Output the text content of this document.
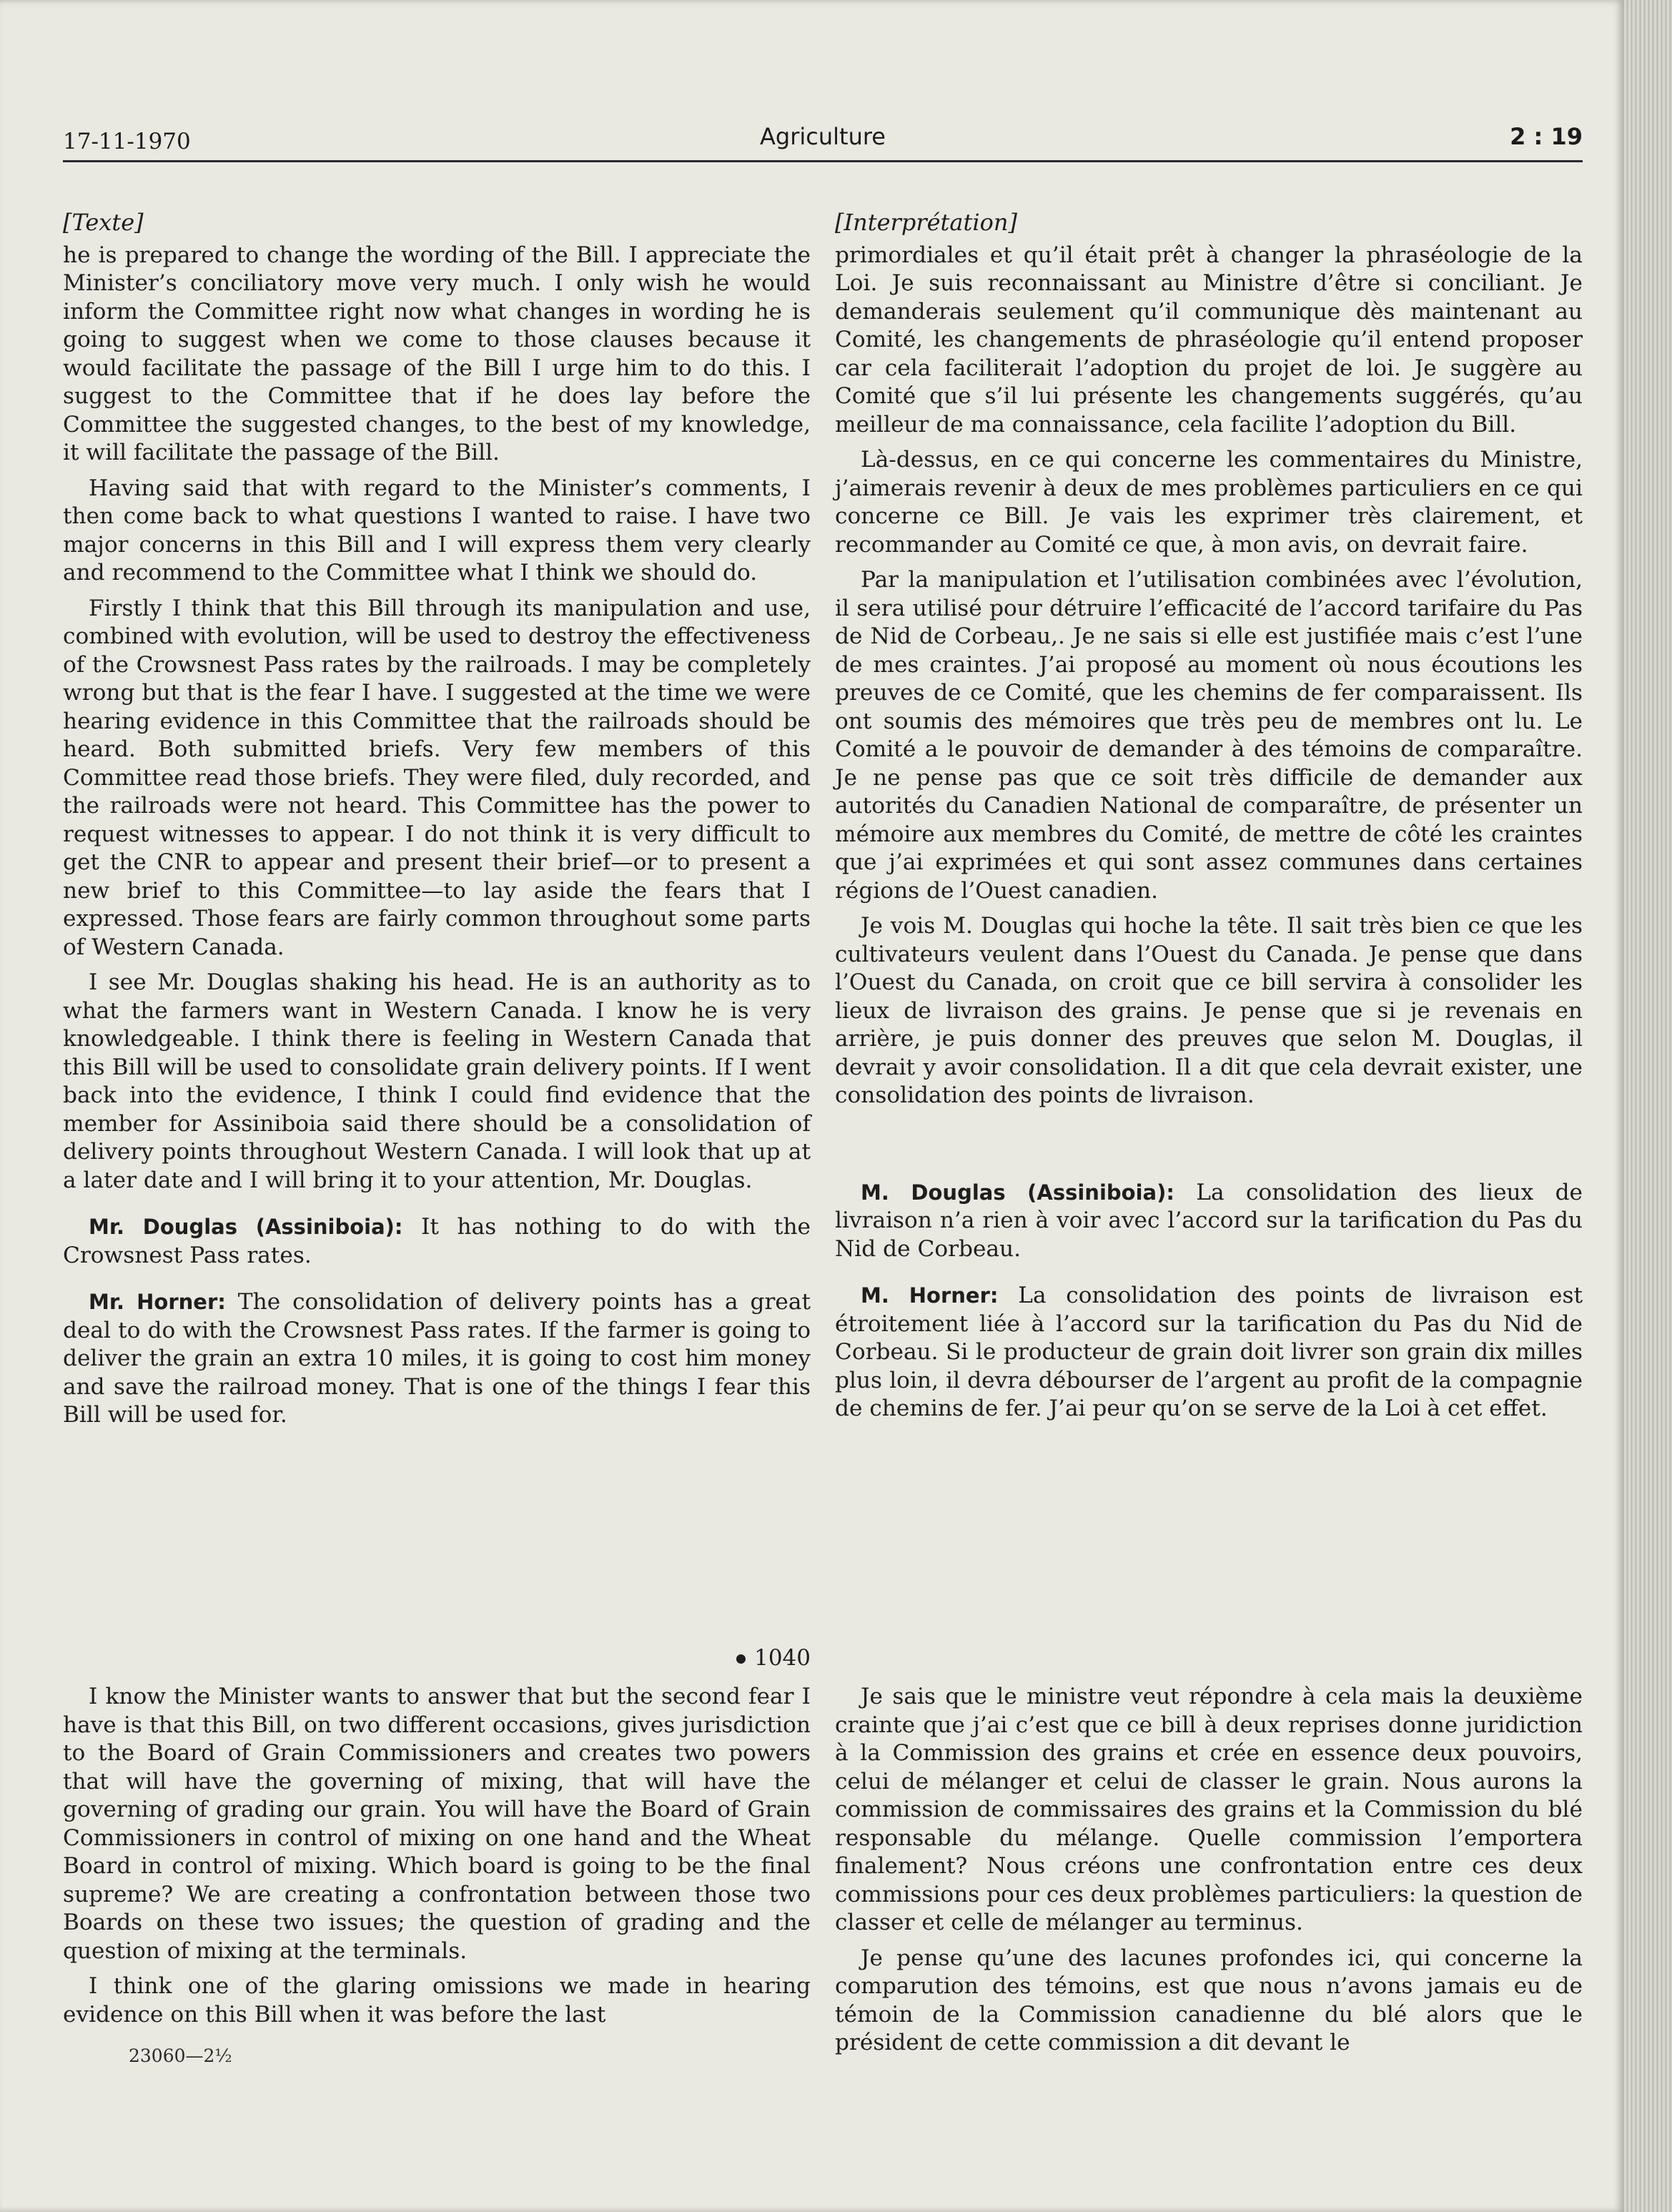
17-11-1970	Agriculture	2 : 19
[Texte]

he is prepared to change the wording of the Bill. I appreciate the Minister’s conciliatory move very much. I only wish he would inform the Committee right now what changes in wording he is going to suggest when we come to those clauses because it would facilitate the passage of the Bill I urge him to do this. I suggest to the Committee that if he does lay before the Committee the suggested changes, to the best of my knowledge, it will facilitate the passage of the Bill.

Having said that with regard to the Minister’s comments, I then come back to what questions I wanted to raise. I have two major concerns in this Bill and I will express them very clearly and recommend to the Committee what I think we should do.

Firstly I think that this Bill through its manipulation and use, combined with evolution, will be used to destroy the effectiveness of the Crowsnest Pass rates by the railroads. I may be completely wrong but that is the fear I have. I suggested at the time we were hearing evidence in this Committee that the railroads should be heard. Both submitted briefs. Very few members of this Committee read those briefs. They were filed, duly recorded, and the railroads were not heard. This Committee has the power to request witnesses to appear. I do not think it is very difficult to get the CNR to appear and present their brief—or to present a new brief to this Committee—to lay aside the fears that I expressed. Those fears are fairly common throughout some parts of Western Canada.

I see Mr. Douglas shaking his head. He is an authority as to what the farmers want in Western Canada. I know he is very knowledgeable. I think there is feeling in Western Canada that this Bill will be used to consolidate grain delivery points. If I went back into the evidence, I think I could find evidence that the member for Assiniboia said there should be a consolidation of delivery points throughout Western Canada. I will look that up at a later date and I will bring it to your attention, Mr. Douglas.

Mr. Douglas (Assiniboia): It has nothing to do with the Crowsnest Pass rates.

Mr. Horner: The consolidation of delivery points has a great deal to do with the Crowsnest Pass rates. If the farmer is going to deliver the grain an extra 10 miles, it is going to cost him money and save the railroad money. That is one of the things I fear this Bill will be used for.

[Interprétation]

primordiales et qu’il était prêt à changer la phraséologie de la Loi. Je suis reconnaissant au Ministre d’être si conciliant. Je demanderais seulement qu’il communique dès maintenant au Comité, les changements de phraséologie qu’il entend proposer car cela faciliterait l’adoption du projet de loi. Je suggère au Comité que s’il lui présente les changements suggérés, qu’au meilleur de ma connaissance, cela facilite l’adoption du Bill.

Là-dessus, en ce qui concerne les commentaires du Ministre, j’aimerais revenir à deux de mes problèmes particuliers en ce qui concerne ce Bill. Je vais les exprimer très clairement, et recommander au Comité ce que, à mon avis, on devrait faire.

Par la manipulation et l’utilisation combinées avec l’évolution, il sera utilisé pour détruire l’efficacité de l’accord tarifaire du Pas de Nid de Corbeau,. Je ne sais si elle est justifiée mais c’est l’une de mes craintes. J’ai proposé au moment où nous écoutions les preuves de ce Comité, que les chemins de fer comparaissent. Ils ont soumis des mémoires que très peu de membres ont lu. Le Comité a le pouvoir de demander à des témoins de comparaître. Je ne pense pas que ce soit très difficile de demander aux autorités du Canadien National de comparaître, de présenter un mémoire aux membres du Comité, de mettre de côté les craintes que j’ai exprimées et qui sont assez communes dans certaines régions de l’Ouest canadien.

Je vois M. Douglas qui hoche la tête. Il sait très bien ce que les cultivateurs veulent dans l’Ouest du Canada. Je pense que dans l’Ouest du Canada, on croit que ce bill servira à consolider les lieux de livraison des grains. Je pense que si je revenais en arrière, je puis donner des preuves que selon M. Douglas, il devrait y avoir consolidation. Il a dit que cela devrait exister, une consolidation des points de livraison.

M. Douglas (Assiniboia): La consolidation des lieux de livraison n’a rien à voir avec l’accord sur la tarification du Pas du Nid de Corbeau.

M. Horner: La consolidation des points de livraison est étroitement liée à l’accord sur la tarification du Pas du Nid de Corbeau. Si le producteur de grain doit livrer son grain dix milles plus loin, il devra débourser de l’argent au profit de la compagnie de chemins de fer. J’ai peur qu’on se serve de la Loi à cet effet.

1040

I know the Minister wants to answer that but the second fear I have is that this Bill, on two different occasions, gives jurisdiction to the Board of Grain Commissioners and creates two powers that will have the governing of mixing, that will have the governing of grading our grain. You will have the Board of Grain Commissioners in control of mixing on one hand and the Wheat Board in control of mixing. Which board is going to be the final supreme? We are creating a confrontation between those two Boards on these two issues; the question of grading and the question of mixing at the terminals.

I think one of the glaring omissions we made in hearing evidence on this Bill when it was before the last

Je sais que le ministre veut répondre à cela mais la deuxième crainte que j’ai c’est que ce bill à deux reprises donne juridiction à la Commission des grains et crée en essence deux pouvoirs, celui de mélanger et celui de classer le grain. Nous aurons la commission de commissaires des grains et la Commission du blé responsable du mélange. Quelle commission l’emportera finalement? Nous créons une confrontation entre ces deux commissions pour ces deux problèmes particuliers: la question de classer et celle de mélanger au terminus.

Je pense qu’une des lacunes profondes ici, qui concerne la comparution des témoins, est que nous n’avons jamais eu de témoin de la Commission canadienne du blé alors que le président de cette commission a dit devant le

23060—2½
